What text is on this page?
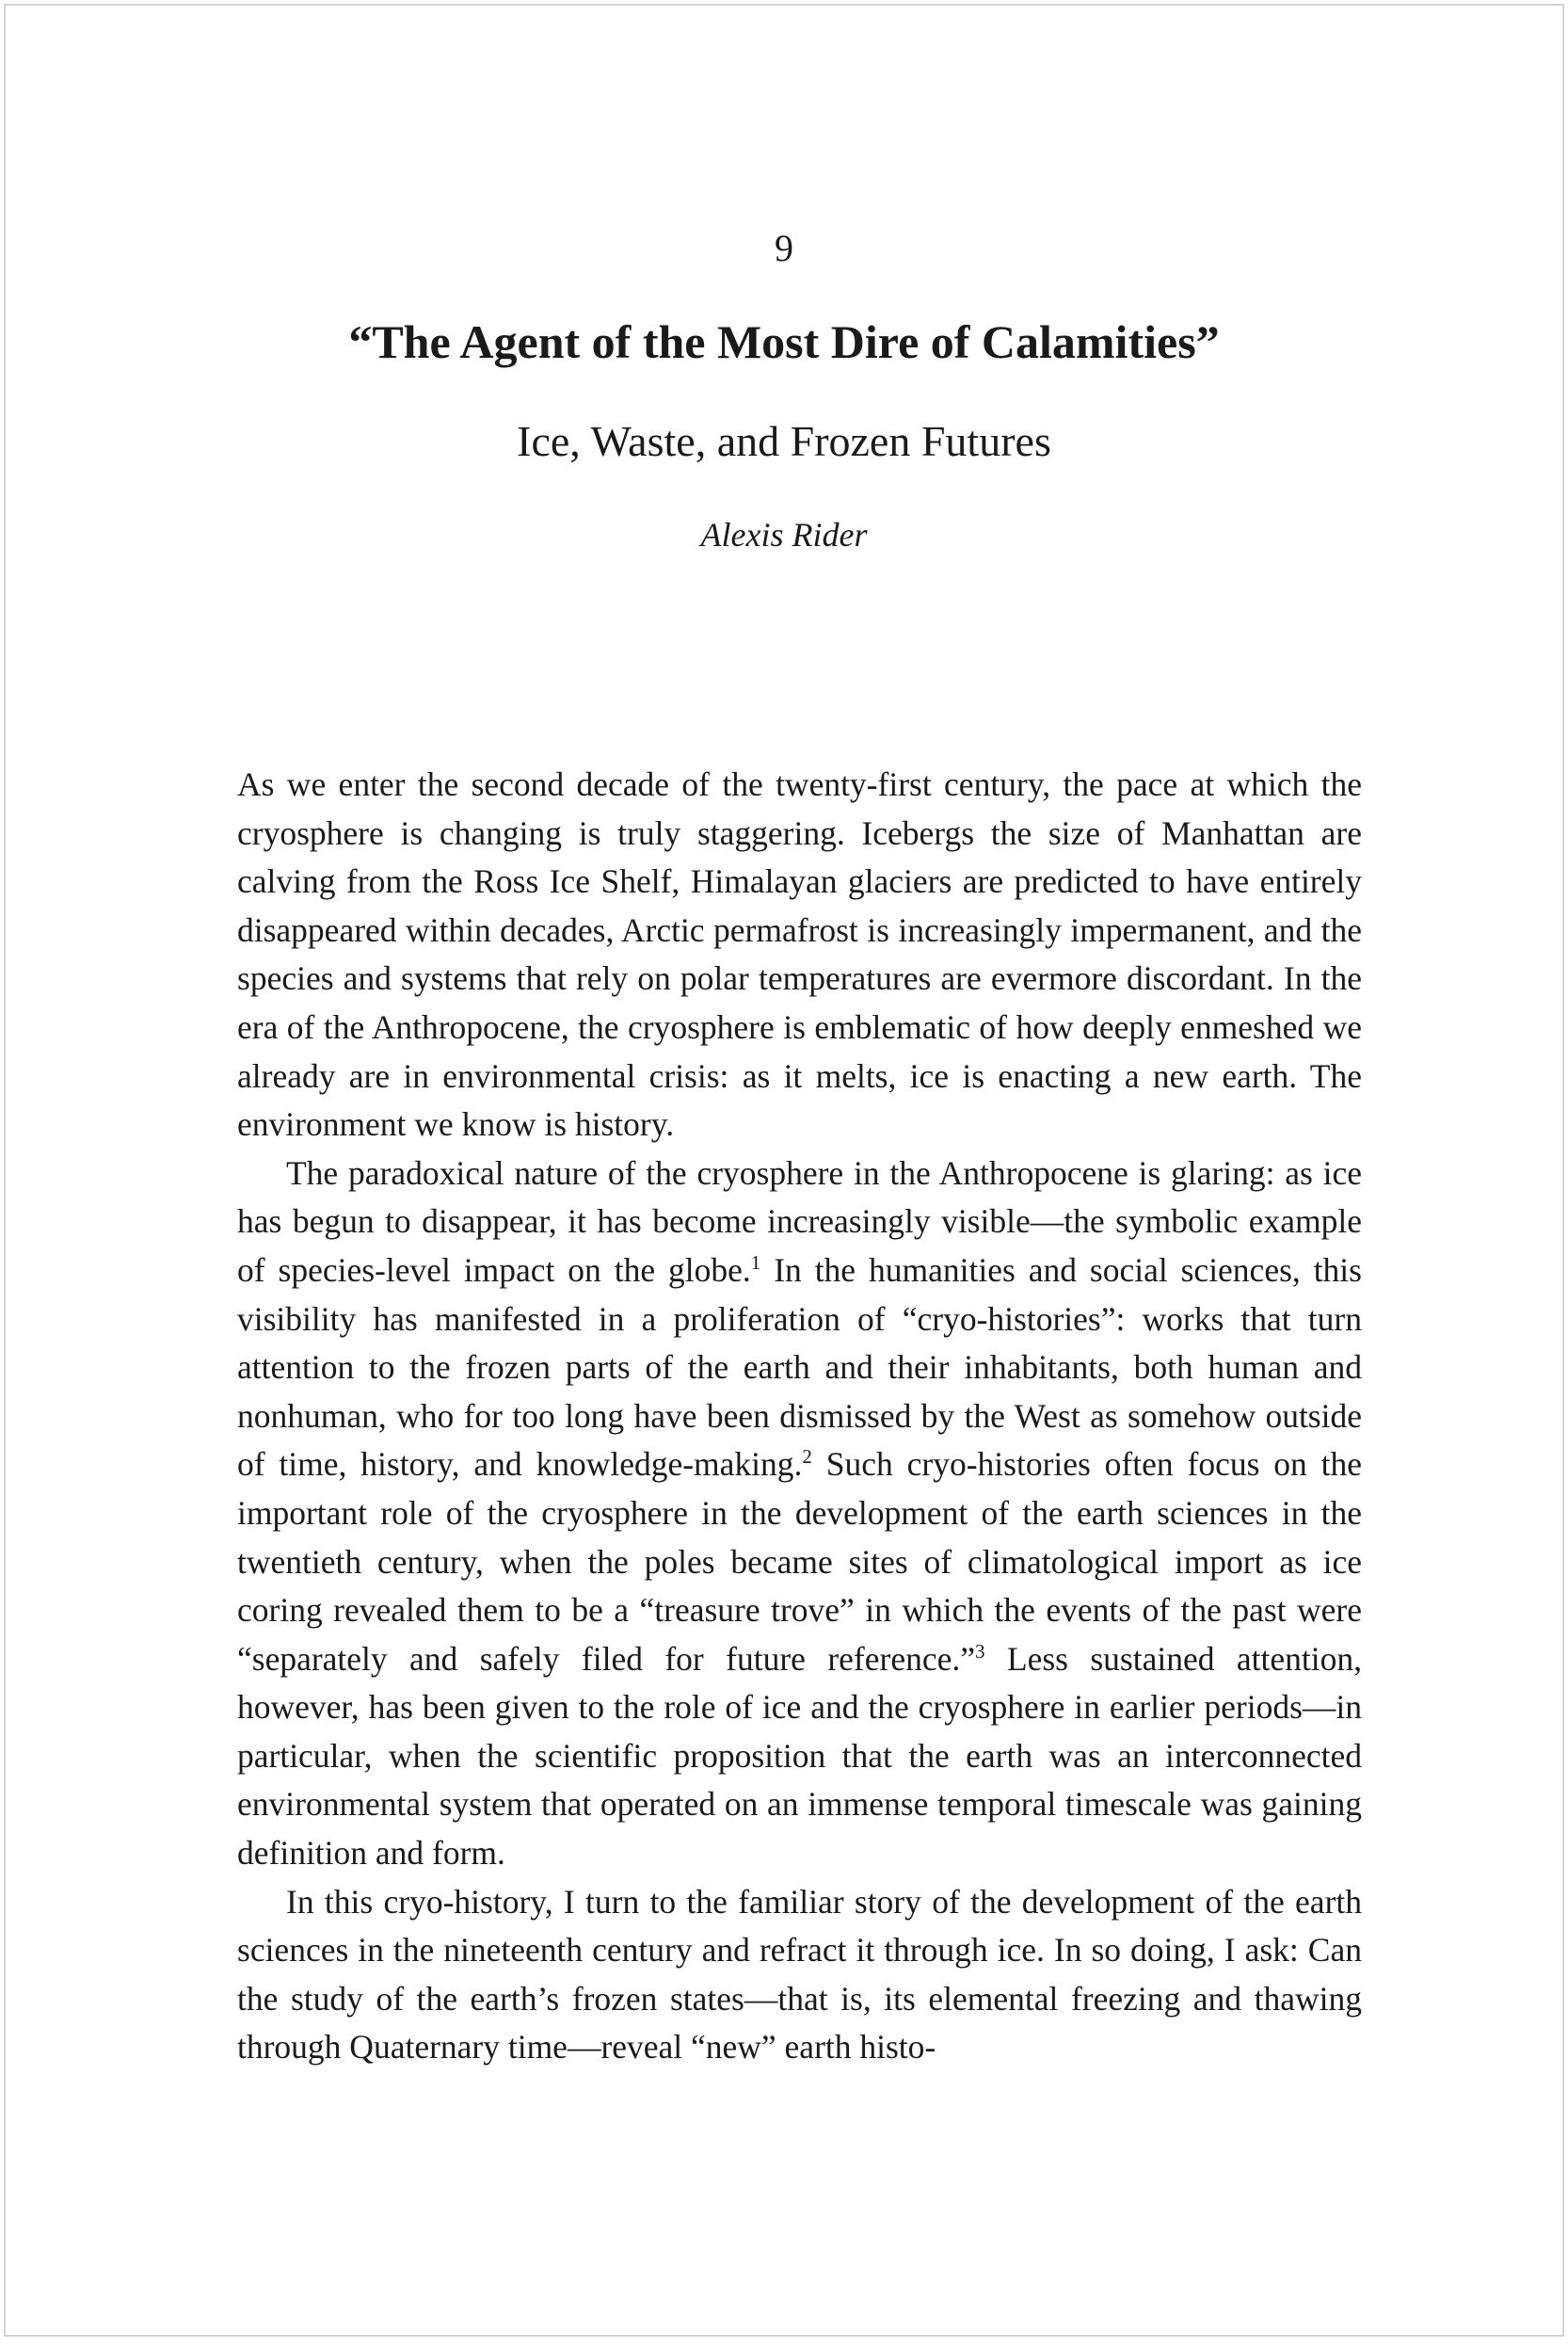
9
“The Agent of the Most Dire of Calamities”
Ice, Waste, and Frozen Futures
Alexis Rider

As we enter the second decade of the twenty-first century, the pace at which the cryosphere is changing is truly staggering. Icebergs the size of Manhattan are calving from the Ross Ice Shelf, Himalayan glaciers are predicted to have entirely disappeared within decades, Arctic permafrost is increasingly impermanent, and the species and systems that rely on polar temperatures are evermore discordant. In the era of the Anthropocene, the cryosphere is emblematic of how deeply enmeshed we already are in environmental crisis: as it melts, ice is enacting a new earth. The environment we know is history.

The paradoxical nature of the cryosphere in the Anthropocene is glaring: as ice has begun to disappear, it has become increasingly visible—the symbolic example of species-level impact on the globe.$^1$ In the humanities and social sciences, this visibility has manifested in a proliferation of “cryo-histories”: works that turn attention to the frozen parts of the earth and their inhabitants, both human and nonhuman, who for too long have been dismissed by the West as somehow outside of time, history, and knowledge-making.$^2$ Such cryo-histories often focus on the important role of the cryosphere in the development of the earth sciences in the twentieth century, when the poles became sites of climatological import as ice coring revealed them to be a “treasure trove” in which the events of the past were “separately and safely filed for future reference.”$^3$ Less sustained attention, however, has been given to the role of ice and the cryosphere in earlier periods—in particular, when the scientific proposition that the earth was an interconnected environmental system that operated on an immense temporal timescale was gaining definition and form.

In this cryo-history, I turn to the familiar story of the development of the earth sciences in the nineteenth century and refract it through ice. In so doing, I ask: Can the study of the earth’s frozen states—that is, its elemental freezing and thawing through Quaternary time—reveal “new” earth histo-
